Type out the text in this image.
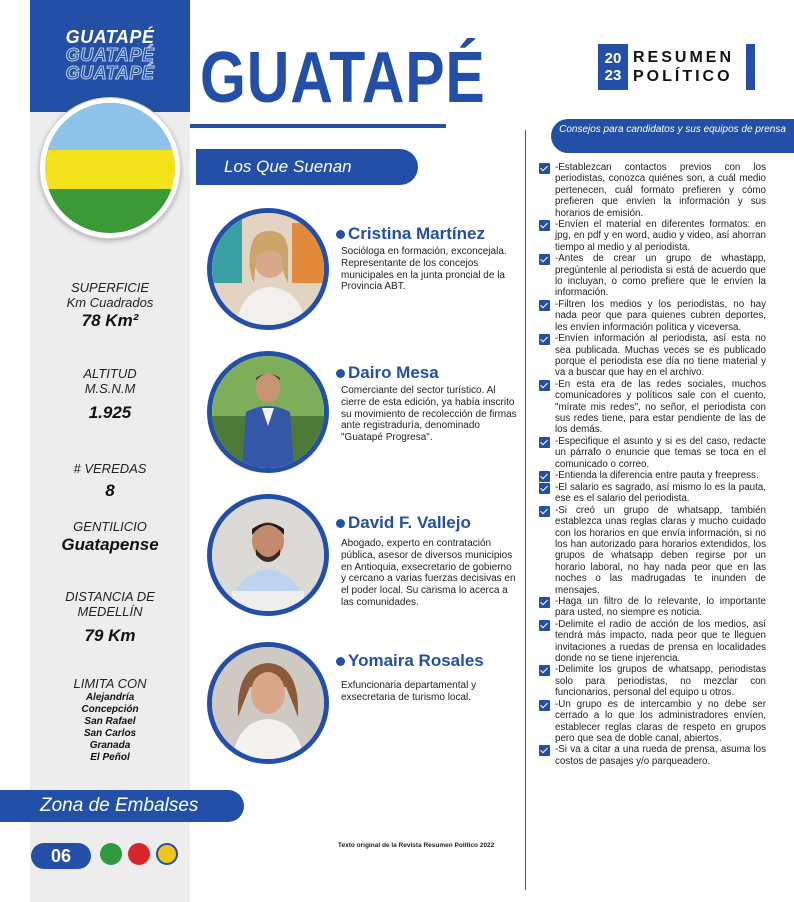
GUATAPÉ
GUATAPÉ
GUATAPÉ
SUPERFICIE
Km Cuadrados
78 Km²
ALTITUD
M.S.N.M
1.925
# VEREDAS
8
GENTILICIO
Guatapense
DISTANCIA DE
MEDELLÍN
79 Km
LIMITA CON
Alejandría
Concepción
San Rafael
San Carlos
Granada
El Peñol
Zona de Embalses
06
GUATAPÉ
Los Que Suenan
20
23
RESUMEN
POLÍTICO
Cristina Martínez
Socióloga en formación, exconcejala. Representante de los concejos municipales en la junta proncial de la Provincia ABT.
Dairo Mesa
Comerciante del sector turístico. Al cierre de esta edición, ya había inscrito su movimiento de recolección de firmas ante registraduría, denominado "Guatapé Progresa".
David F. Vallejo
Abogado, experto en contratación pública, asesor de diversos municipios en Antioquia, exsecretario de gobierno y cercano a varias fuerzas decisivas en el poder local. Su carisma lo acerca a las comunidades.
Yomaira Rosales
Exfuncionaria departamental y exsecretaria de turismo local.
Texto original de la Revista Resumen Político 2022
Consejos para candidatos y sus equipos de prensa
-Establezcan contactos previos con los periodistas, conozca quiénes son, a cuál medio pertenecen, cuál formato prefieren y cómo prefieren que envíen la información y sus horarios de emisión.
-Envíen el material en diferentes formatos: en jpg, en pdf y en word, audio y video, así ahorran tiempo al medio y al periodista.
-Antes de crear un grupo de whastapp, pregúntenle al periodista si está de acuerdo que lo incluyan, o como prefiere que le envíen la información.
-Filtren los medios y los periodistas, no hay nada peor que para quienes cubren deportes, les envíen información política y viceversa.
-Envíen información al periodista, así esta no sea publicada. Muchas veces se es publicado porque el periodista ese día no tiene material y va a buscar que hay en el archivo.
-En esta era de las redes sociales, muchos comunicadores y políticos sale con el cuento, "mírate mis redes", no señor, el periodista con sus redes tiene, para estar pendiente de las de los demás.
-Especifique el asunto y si es del caso, redacte un párrafo o enuncie que temas se toca en el comunicado o correo.
-Entienda la diferencia entre pauta y freepress.
-El salario es sagrado, así mismo lo es la pauta, ese es el salario del periodista.
-Si creó un grupo de whatsapp, también establezca unas reglas claras y mucho cuidado con los horarios en que envía información, si no los han autorizado para horarios extendidos, los grupos de whatsapp deben regirse por un horario laboral, no hay nada peor que en las noches o las madrugadas te inunden de mensajes.
-Haga un filtro de lo relevante, lo importante para usted, no siempre es noticia.
-Delimite el radio de acción de los medios, así tendrá más impacto, nada peor que te lleguen invitaciones a ruedas de prensa en localidades donde no se tiene injerencia.
-Delimite los grupos de whatsapp, periodistas solo para periodistas, no mezclar con funcionarios, personal del equipo u otros.
-Un grupo es de intercambio y no debe ser cerrado a lo que los administradores envíen, establecer reglas claras de respeto en grupos pero que sea de doble canal, abiertos.
-Si va a citar a una rueda de prensa, asuma los costos de pasajes y/o parqueadero.
